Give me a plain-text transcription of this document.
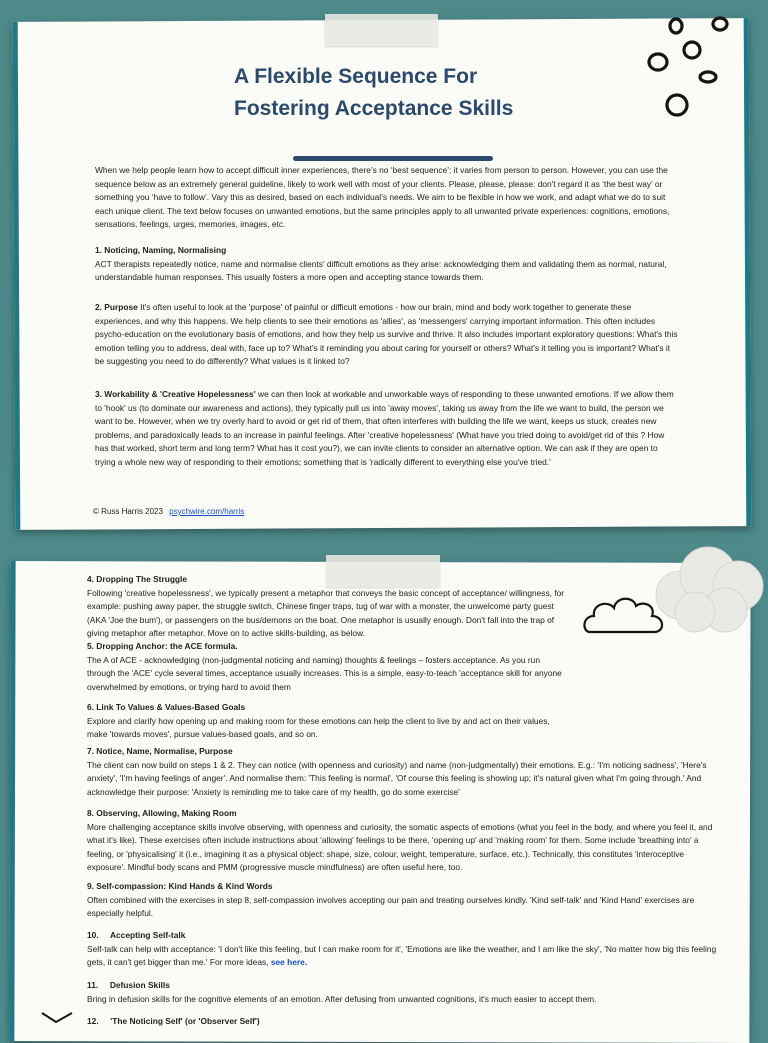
A Flexible Sequence For
Fostering Acceptance Skills

When we help people learn how to accept difficult inner experiences, there’s no ‘best sequence’; it varies from person to person. However, you can use the sequence below as an extremely general guideline, likely to work well with most of your clients. Please, please, please: don't regard it as ‘the best way’ or something you ‘have to follow’. Vary this as desired, based on each individual’s needs. We aim to be flexible in how we work, and adapt what we do to suit each unique client. The text below focuses on unwanted emotions, but the same principles apply to all unwanted private experiences: cognitions, emotions, sensations, feelings, urges, memories, images, etc.

1. Noticing, Naming, Normalising
ACT therapists repeatedly notice, name and normalise clients' difficult emotions as they arise: acknowledging them and validating them as normal, natural, understandable human responses. This usually fosters a more open and accepting stance towards them.
2. Purpose It's often useful to look at the 'purpose' of painful or difficult emotions - how our brain, mind and body work together to generate these experiences, and why this happens. We help clients to see their emotions as 'allies', as 'messengers' carrying important information. This often includes psycho-education on the evolutionary basis of emotions, and how they help us survive and thrive. It also includes important exploratory questions: What's this emotion telling you to address, deal with, face up to? What's it reminding you about caring for yourself or others? What's it telling you is important? What's it be suggesting you need to do differently? What values is it linked to?
3. Workability & 'Creative Hopelessness' we can then look at workable and unworkable ways of responding to these unwanted emotions. If we allow them to 'hook' us (to dominate our awareness and actions), they typically pull us into 'away moves', taking us away from the life we want to build, the person we want to be. However, when we try overly hard to avoid or get rid of them, that often interferes with building the life we want, keeps us stuck, creates new problems, and paradoxically leads to an increase in painful feelings. After 'creative hopelessness' (What have you tried doing to avoid/get rid of this ? How has that worked, short term and long term? What has it cost you?), we can invite clients to consider an alternative option. We can ask if they are open to trying a whole new way of responding to their emotions; something that is 'radically different to everything else you've tried.'
© Russ Harris 2023 psychwire.com/harris
4. Dropping The Struggle
Following 'creative hopelessness', we typically present a metaphor that conveys the basic concept of acceptance/ willingness, for example: pushing away paper, the struggle switch, Chinese finger traps, tug of war with a monster, the unwelcome party guest (AKA 'Joe the bum'), or passengers on the bus/demons on the boat. One metaphor is usually enough. Don't fall into the trap of giving metaphor after metaphor. Move on to active skills-building, as below.
5. Dropping Anchor: the ACE formula.
The A of ACE - acknowledging (non-judgmental noticing and naming) thoughts & feelings – fosters acceptance. As you run through the 'ACE' cycle several times, acceptance usually increases. This is a simple, easy-to-teach 'acceptance skill for anyone overwhelmed by emotions, or trying hard to avoid them
6. Link To Values & Values-Based Goals
Explore and clarify how opening up and making room for these emotions can help the client to live by and act on their values, make 'towards moves', pursue values-based goals, and so on.
7. Notice, Name, Normalise, Purpose
The client can now build on steps 1 & 2. They can notice (with openness and curiosity) and name (non-judgmentally) their emotions. E.g.: 'I'm noticing sadness', 'Here's anxiety', 'I'm having feelings of anger'. And normalise them: 'This feeling is normal', 'Of course this feeling is showing up; it's natural given what I'm going through.' And acknowledge their purpose: 'Anxiety is reminding me to take care of my health, go do some exercise'
8. Observing, Allowing, Making Room
More challenging acceptance skills involve observing, with openness and curiosity, the somatic aspects of emotions (what you feel in the body, and where you feel it, and what it's like). These exercises often include instructions about 'allowing' feelings to be there, 'opening up' and 'making room' for them. Some include 'breathing into' a feeling, or 'physicalising' it (i.e., imagining it as a physical object: shape, size, colour, weight, temperature, surface, etc.). Technically, this constitutes 'interoceptive exposure'. Mindful body scans and PMM (progressive muscle mindfulness) are often useful here, too.
9. Self-compassion: Kind Hands & Kind Words
Often combined with the exercises in step 8, self-compassion involves accepting our pain and treating ourselves kindly. 'Kind self-talk' and 'Kind Hand' exercises are especially helpful.
10.     Accepting Self-talk
Self-talk can help with acceptance: 'I don't like this feeling, but I can make room for it', 'Emotions are like the weather, and I am like the sky', 'No matter how big this feeling gets, it can't get bigger than me.' For more ideas, see here.
11.     Defusion Skills
Bring in defusion skills for the cognitive elements of an emotion. After defusing from unwanted cognitions, it's much easier to accept them.
12.     'The Noticing Self' (or 'Observer Self')
